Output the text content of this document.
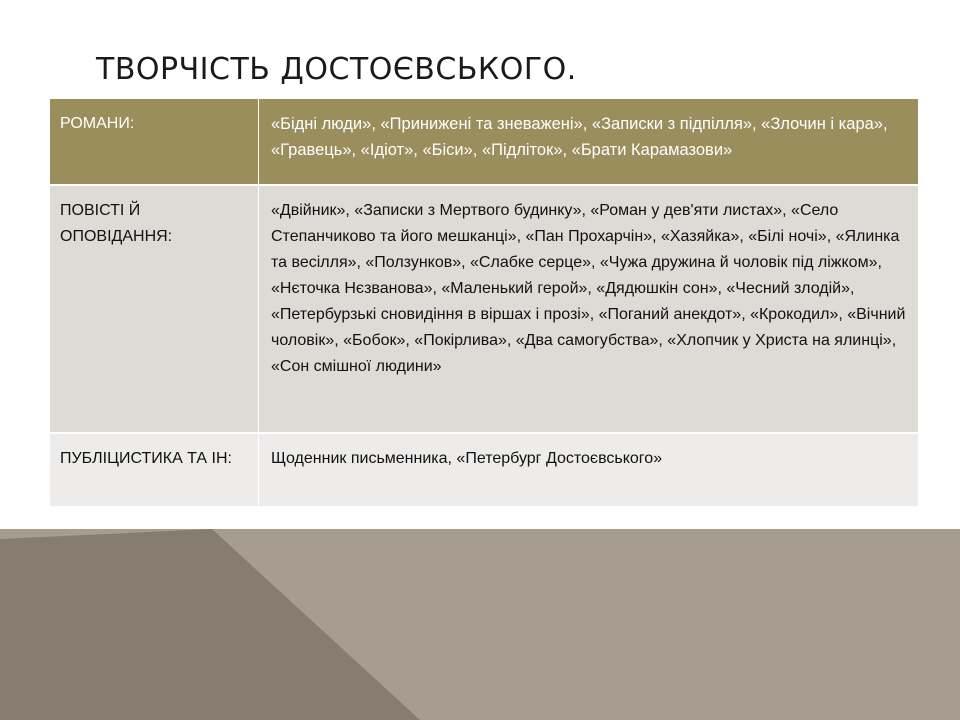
ТВОРЧІСТЬ ДОСТОЄВСЬКОГО.
РОМАНИ:	«Бідні люди», «Принижені та зневажені», «Записки з підпілля», «Злочин і кара», «Гравець», «Ідіот», «Біси», «Підліток», «Брати Карамазови»
ПОВІСТІ Й ОПОВІДАННЯ:	«Двійник», «Записки з Мертвого будинку», «Роман у дев'яти листах», «Село Степанчиково та його мешканці», «Пан Прохарчін», «Хазяйка», «Білі ночі», «Ялинка та весілля», «Ползунков», «Слабке серце», «Чужа дружина й чоловік під ліжком», «Нєточка Нєзванова», «Маленький герой», «Дядюшкін сон», «Чесний злодій», «Петербурзькі сновидіння в віршах і прозі», «Поганий анекдот», «Крокодил», «Вічний чоловік», «Бобок», «Покірлива», «Два самогубства», «Хлопчик у Христа на ялинці», «Сон смішної людини»
ПУБЛІЦИСТИКА ТА ІН:	Щоденник письменника, «Петербург Достоєвського»
